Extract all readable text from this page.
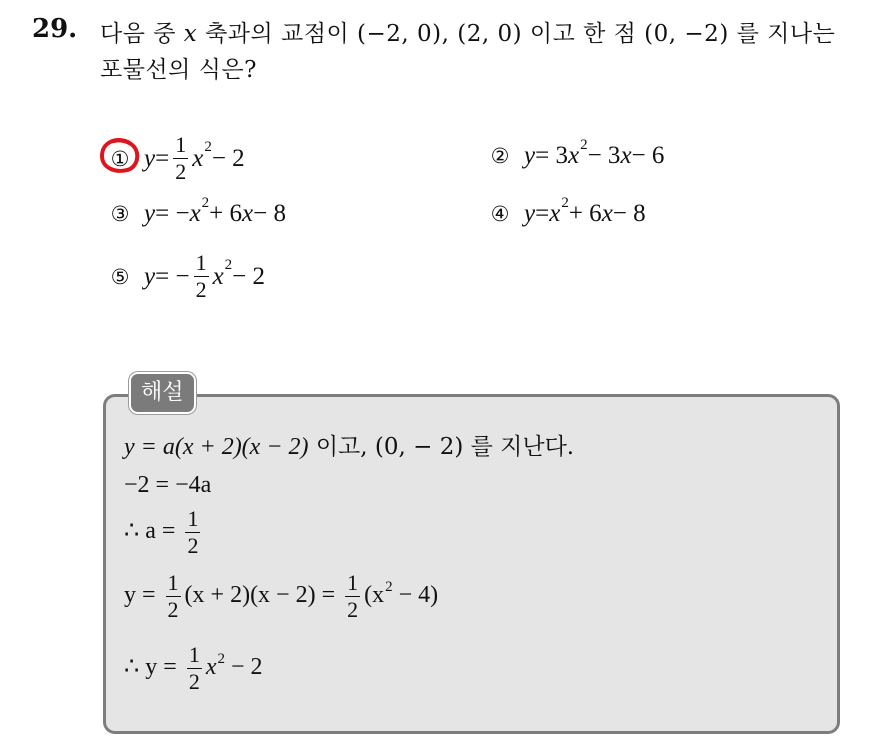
29. 다음 중 x 축과의 교점이 (−2, 0), (2, 0) 이고 한 점 (0, −2) 를 지나는
포물선의 식은?
① $y = \frac{1}{2}$ x 2 − 2	② y = 3 x 2 − 3 x − 6
③ y = − x 2 + 6 x − 8	④ y = x 2 + 6 x − 8
⑤ y = − $\frac{1}{2}$ x 2 − 2
해설
y = a(x + 2)(x − 2) 이고, (0, − 2) 를 지난다.
−2 = −4a
∴ $a = \frac{1}{2}$
$y = \frac{1}{2} (x + 2)(x - 2) = \frac{1}{2} (x^2 - 4)$
∴ $y = \frac{1}{2} x^2 - 2$
